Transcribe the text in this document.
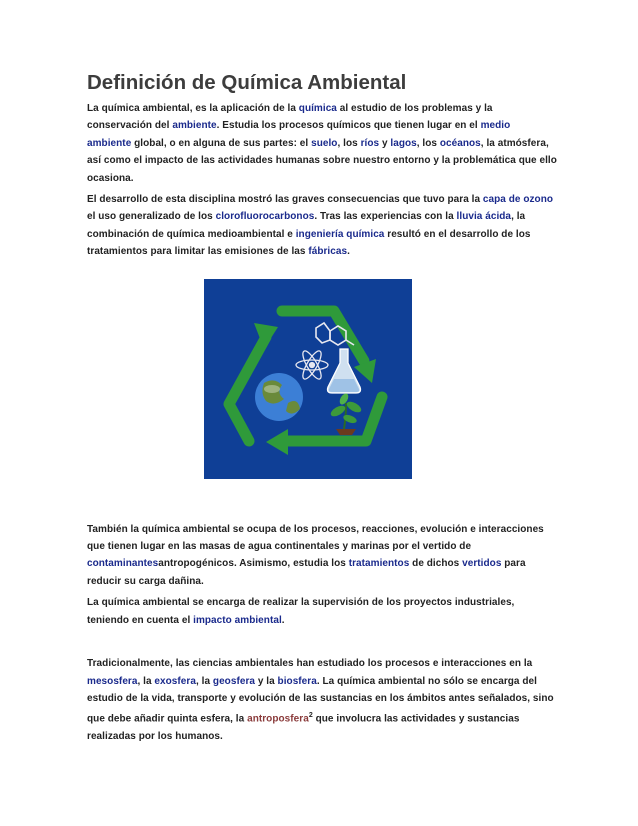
Definición de Química Ambiental

La química ambiental, es la aplicación de la química al estudio de los problemas y la conservación del ambiente. Estudia los procesos químicos que tienen lugar en el medio ambiente global, o en alguna de sus partes: el suelo, los ríos y lagos, los océanos, la atmósfera, así como el impacto de las actividades humanas sobre nuestro entorno y la problemática que ello ocasiona.

El desarrollo de esta disciplina mostró las graves consecuencias que tuvo para la capa de ozono el uso generalizado de los clorofluorocarbonos. Tras las experiencias con la lluvia ácida, la combinación de química medioambiental e ingeniería química resultó en el desarrollo de los tratamientos para limitar las emisiones de las fábricas.

También la química ambiental se ocupa de los procesos, reacciones, evolución e interacciones que tienen lugar en las masas de agua continentales y marinas por el vertido de contaminantesantropogénicos. Asimismo, estudia los tratamientos de dichos vertidos para reducir su carga dañina.

La química ambiental se encarga de realizar la supervisión de los proyectos industriales, teniendo en cuenta el impacto ambiental.

Tradicionalmente, las ciencias ambientales han estudiado los procesos e interacciones en la mesosfera, la exosfera, la geosfera y la biosfera. La química ambiental no sólo se encarga del estudio de la vida, transporte y evolución de las sustancias en los ámbitos antes señalados, sino que debe añadir quinta esfera, la antroposfera$^2$ que involucra las actividades y sustancias realizadas por los humanos.
